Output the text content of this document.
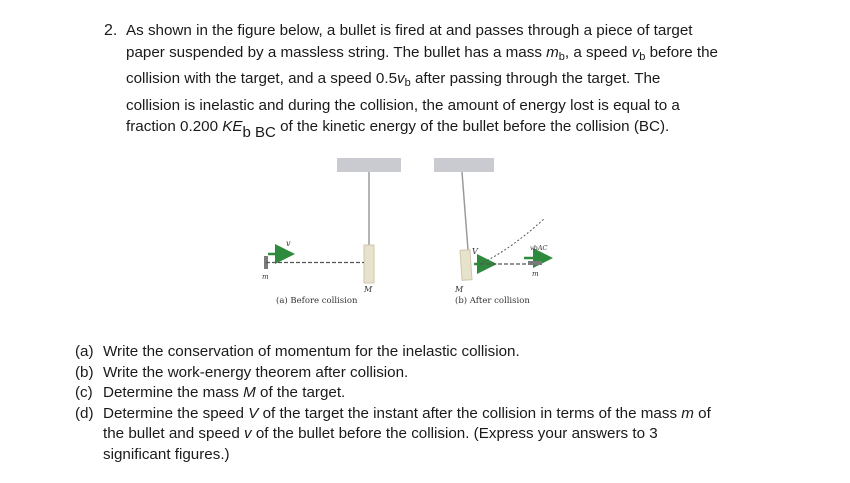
2. As shown in the figure below, a bullet is fired at and passes through a piece of target
paper suspended by a massless string. The bullet has a mass $m_b$, a speed $v_b$ before the
collision with the target, and a speed $0.5v_b$ after passing through the target. The
collision is inelastic and during the collision, the amount of energy lost is equal to a
fraction 0.200 KEb BC of the kinetic energy of the bullet before the collision (BC).
v
m
M
(a) Before collision
V	vbAC
m
M
(b) After collision
(a) Write the conservation of momentum for the inelastic collision.
(b) Write the work-energy theorem after collision.
(c) Determine the mass M of the target.
(d) Determine the speed V of the target the instant after the collision in terms of the mass m of
the bullet and speed v of the bullet before the collision. (Express your answers to 3
significant figures.)
